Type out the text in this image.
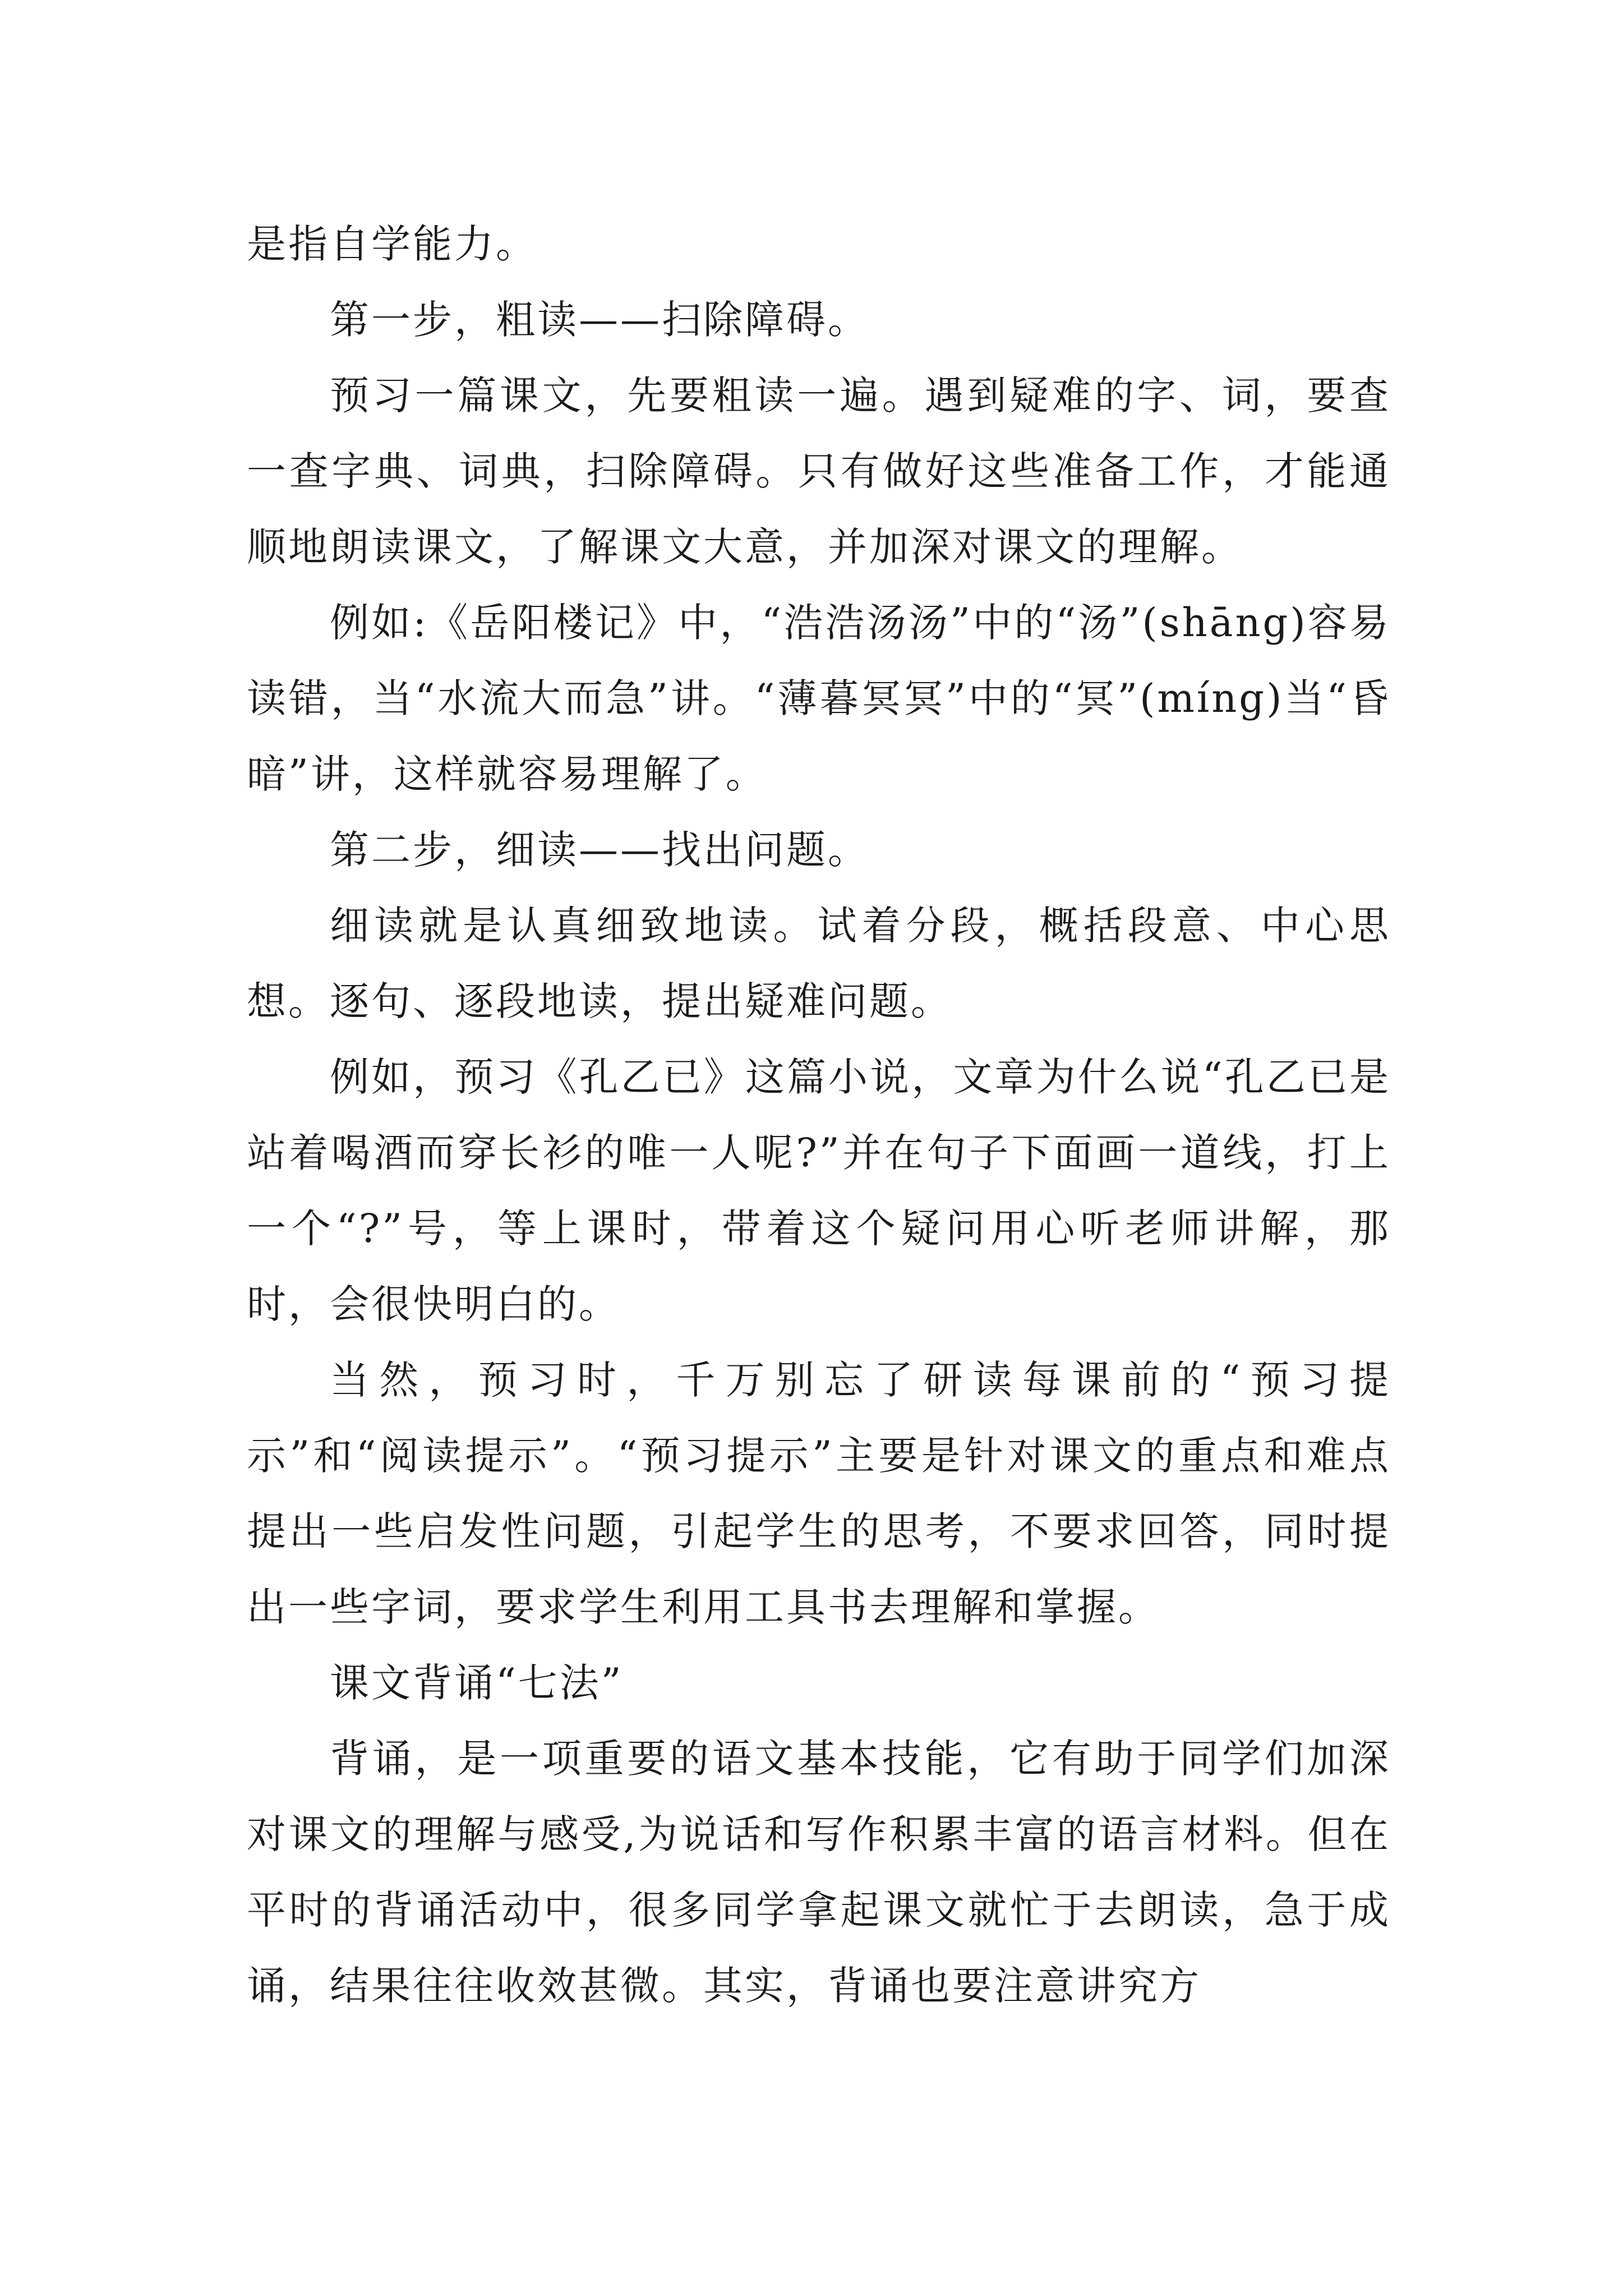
是指自学能力。

第一步，粗读——扫除障碍。

预习一篇课文，先要粗读一遍。遇到疑难的字、词，要查一查字典、词典，扫除障碍。只有做好这些准备工作，才能通顺地朗读课文，了解课文大意，并加深对课文的理解。

例如:《岳阳楼记》中，“浩浩汤汤”中的“汤”(shāng)容易读错，当“水流大而急”讲。“薄暮冥冥”中的“冥”(míng)当“昏暗”讲，这样就容易理解了。

第二步，细读——找出问题。

细读就是认真细致地读。试着分段，概括段意、中心思想。逐句、逐段地读，提出疑难问题。

例如，预习《孔乙已》这篇小说，文章为什么说“孔乙已是站着喝酒而穿长衫的唯一人呢?”并在句子下面画一道线，打上一个“?”号，等上课时，带着这个疑问用心听老师讲解，那时，会很快明白的。

当然，预习时，千万别忘了研读每课前的“预习提示”和“阅读提示”。“预习提示”主要是针对课文的重点和难点提出一些启发性问题，引起学生的思考，不要求回答，同时提出一些字词，要求学生利用工具书去理解和掌握。

课文背诵“七法”

背诵，是一项重要的语文基本技能，它有助于同学们加深对课文的理解与感受,为说话和写作积累丰富的语言材料。但在平时的背诵活动中，很多同学拿起课文就忙于去朗读，急于成诵，结果往往收效甚微。其实，背诵也要注意讲究方
